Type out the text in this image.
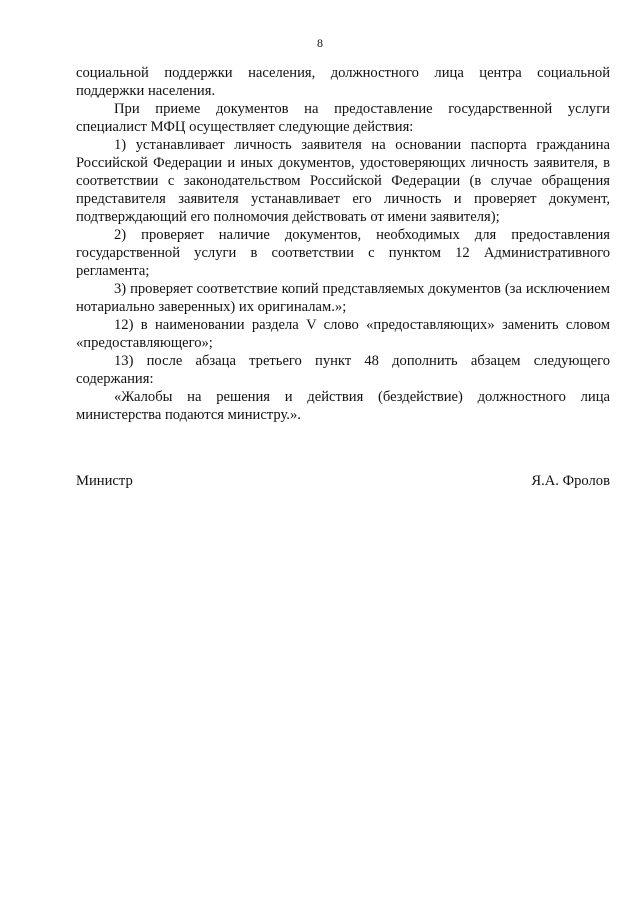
8

социальной поддержки населения, должностного лица центра социальной поддержки населения.

При приеме документов на предоставление государственной услуги специалист МФЦ осуществляет следующие действия:

1) устанавливает личность заявителя на основании паспорта гражданина Российской Федерации и иных документов, удостоверяющих личность заявителя, в соответствии с законодательством Российской Федерации (в случае обращения представителя заявителя устанавливает его личность и проверяет документ, подтверждающий его полномочия действовать от имени заявителя);

2) проверяет наличие документов, необходимых для предоставления государственной услуги в соответствии с пунктом 12 Административного регламента;

3) проверяет соответствие копий представляемых документов (за исключением нотариально заверенных) их оригиналам.»;

12) в наименовании раздела V слово «предоставляющих» заменить словом «предоставляющего»;

13) после абзаца третьего пункт 48 дополнить абзацем следующего содержания:

«Жалобы на решения и действия (бездействие) должностного лица министерства подаются министру.».

Министр	Я.А. Фролов
